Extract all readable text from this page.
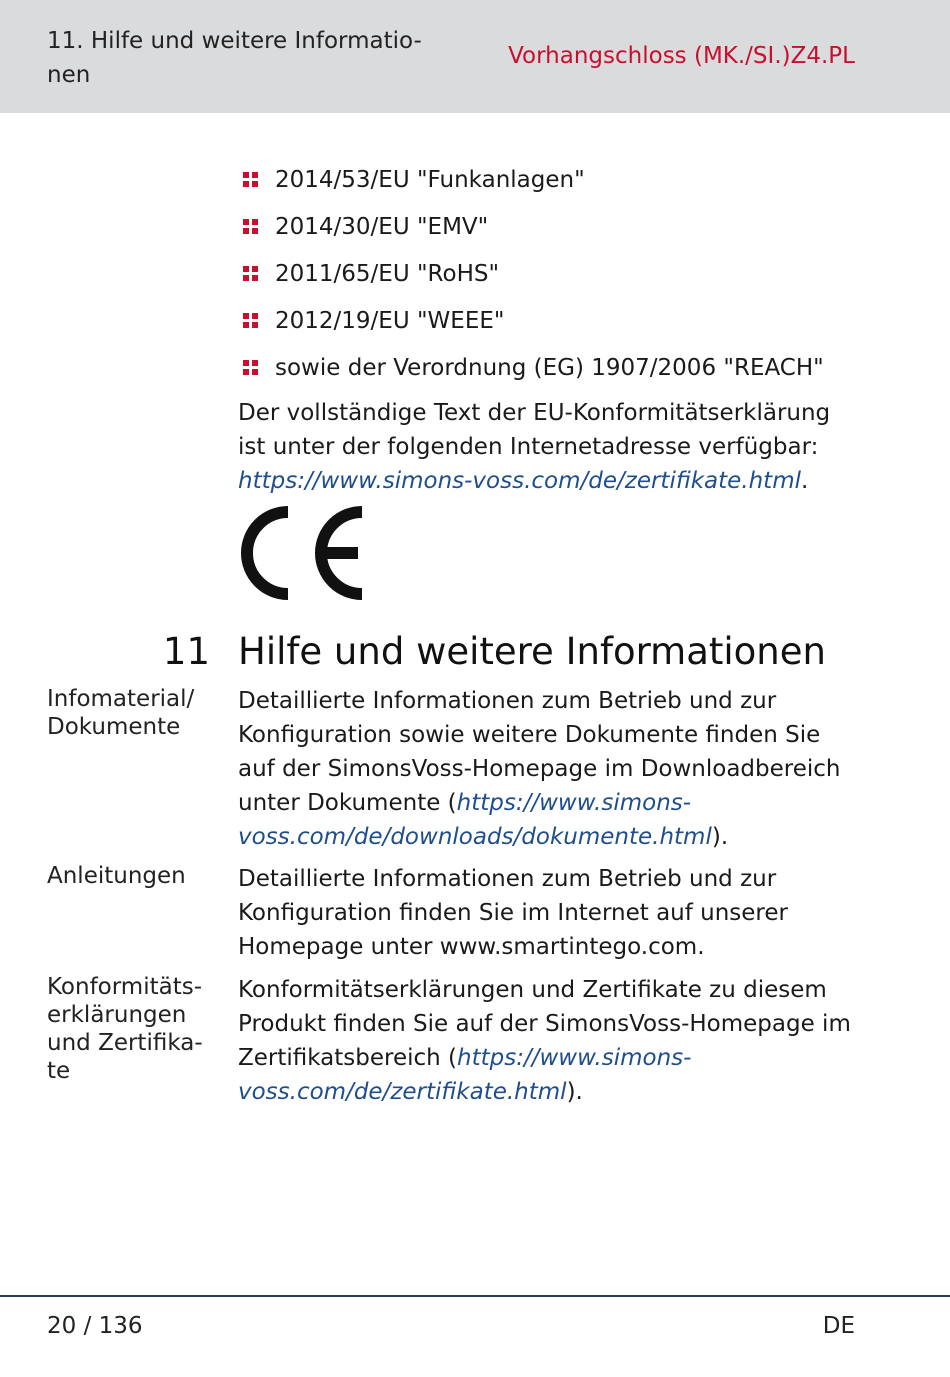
11. Hilfe und weitere Informatio-nen
Vorhangschloss (MK./SI.)Z4.PL
2014/53/EU "Funkanlagen"
2014/30/EU "EMV"
2011/65/EU "RoHS"
2012/19/EU "WEEE"
sowie der Verordnung (EG) 1907/2006 "REACH"
Der vollständige Text der EU-Konformitätserklärung ist unter der folgenden Internetadresse verfügbar: https://www.simons-voss.com/de/zertifikate.html.
11 Hilfe und weitere Informationen
Infomaterial/ Dokumente
Detaillierte Informationen zum Betrieb und zur Konfiguration sowie weitere Dokumente finden Sie auf der SimonsVoss-Homepage im Downloadbereich unter Dokumente (https://www.simons-voss.com/de/downloads/dokumente.html).
Anleitungen	Detaillierte Informationen zum Betrieb und zur Konfiguration finden Sie im Internet auf unserer Homepage unter www.smartintego.com.
Konformitäts-erklärungen und Zertifika-te
Konformitätserklärungen und Zertifikate zu diesem Produkt finden Sie auf der SimonsVoss-Homepage im Zertifikatsbereich (https://www.simons-voss.com/de/zertifikate.html).
20 / 136	DE
